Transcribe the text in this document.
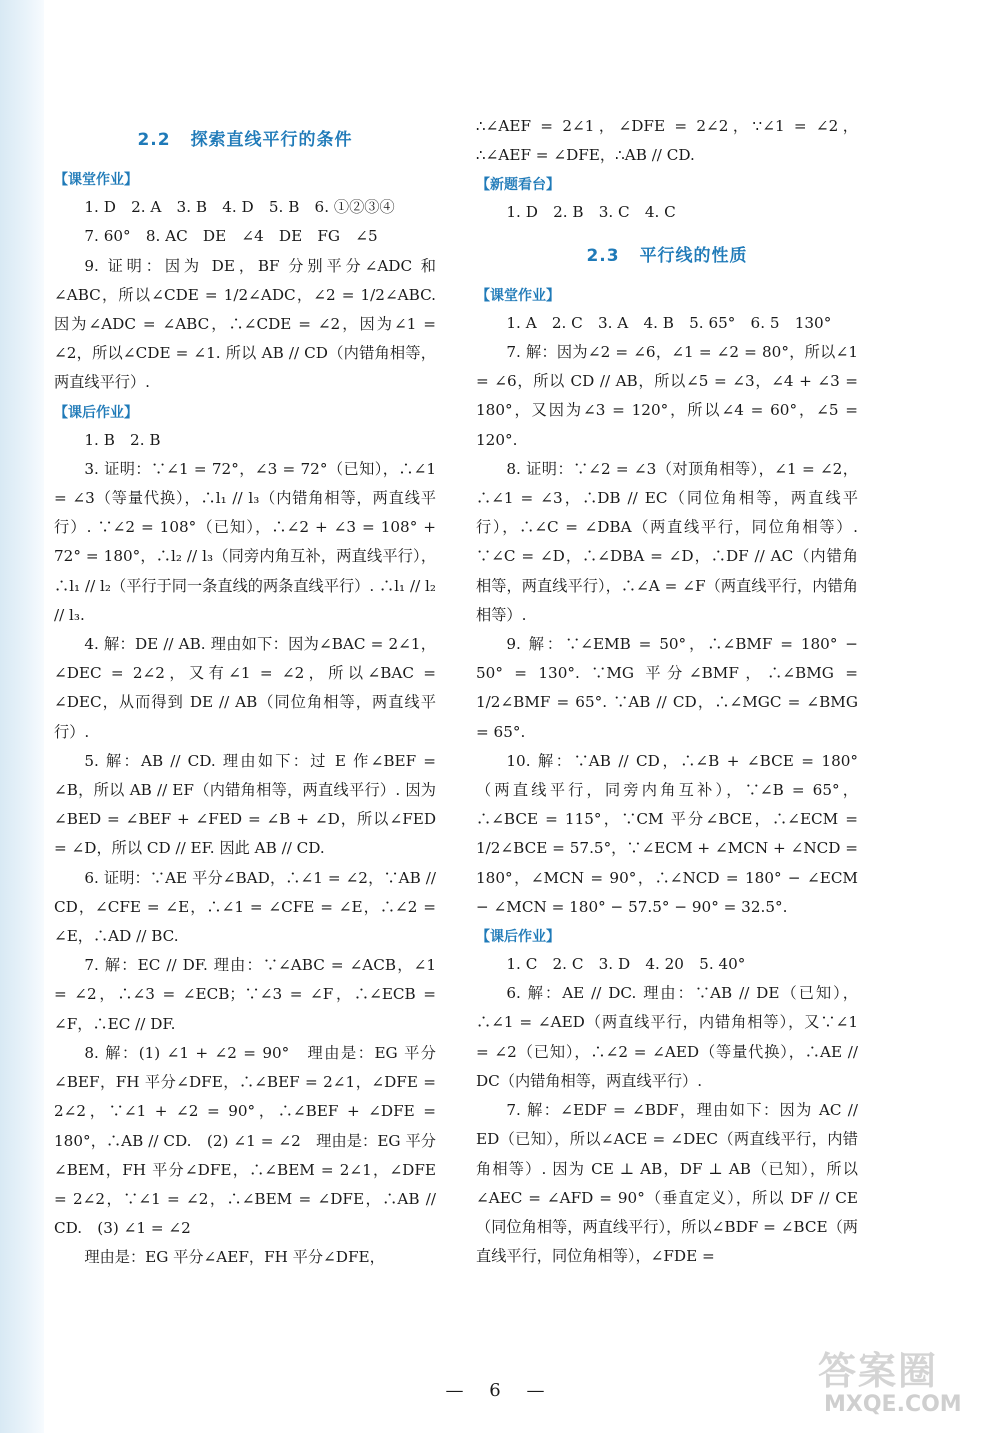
2.2 探索直线平行的条件
【课堂作业】

1. D　2. A　3. B　4. D　5. B　6. ①②③④

7. 60°　8. AC　DE　∠4　DE　FG　∠5

9. 证明：因为 DE，BF 分别平分∠ADC 和∠ABC，所以∠CDE = 1/2∠ADC，∠2 = 1/2∠ABC. 因为∠ADC = ∠ABC，∴∠CDE = ∠2，因为∠1 = ∠2，所以∠CDE = ∠1. 所以 AB // CD（内错角相等，两直线平行）.

【课后作业】

1. B　2. B

3. 证明：∵∠1 = 72°，∠3 = 72°（已知），∴∠1 = ∠3（等量代换），∴l₁ // l₃（内错角相等，两直线平行）. ∵∠2 = 108°（已知），∴∠2 + ∠3 = 108° + 72° = 180°，∴l₂ // l₃（同旁内角互补，两直线平行），∴l₁ // l₂（平行于同一条直线的两条直线平行）. ∴l₁ // l₂ // l₃.

4. 解：DE // AB. 理由如下：因为∠BAC = 2∠1，∠DEC = 2∠2，又有∠1 = ∠2，所以∠BAC = ∠DEC，从而得到 DE // AB（同位角相等，两直线平行）.

5. 解：AB // CD. 理由如下：过 E 作∠BEF = ∠B，所以 AB // EF（内错角相等，两直线平行）. 因为∠BED = ∠BEF + ∠FED = ∠B + ∠D，所以∠FED = ∠D，所以 CD // EF. 因此 AB // CD.

6. 证明：∵AE 平分∠BAD，∴∠1 = ∠2，∵AB // CD，∠CFE = ∠E，∴∠1 = ∠CFE = ∠E，∴∠2 = ∠E，∴AD // BC.

7. 解：EC // DF. 理由：∵∠ABC = ∠ACB，∠1 = ∠2，∴∠3 = ∠ECB；∵∠3 = ∠F，∴∠ECB = ∠F，∴EC // DF.

8. 解：(1) ∠1 + ∠2 = 90°　理由是：EG 平分∠BEF，FH 平分∠DFE，∴∠BEF = 2∠1，∠DFE = 2∠2，∵∠1 + ∠2 = 90°，∴∠BEF + ∠DFE = 180°，∴AB // CD.　(2) ∠1 = ∠2　理由是：EG 平分∠BEM，FH 平分∠DFE，∴∠BEM = 2∠1，∠DFE = 2∠2，∵∠1 = ∠2，∴∠BEM = ∠DFE，∴AB // CD.　(3) ∠1 = ∠2

理由是：EG 平分∠AEF，FH 平分∠DFE，

∴∠AEF = 2∠1，∠DFE = 2∠2，∵∠1 = ∠2，∴∠AEF = ∠DFE，∴AB // CD.

【新题看台】

1. D　2. B　3. C　4. C

2.3 平行线的性质
【课堂作业】

1. A　2. C　3. A　4. B　5. 65°　6. 5　130°

7. 解：因为∠2 = ∠6，∠1 = ∠2 = 80°，所以∠1 = ∠6，所以 CD // AB，所以∠5 = ∠3，∠4 + ∠3 = 180°，又因为∠3 = 120°，所以∠4 = 60°，∠5 = 120°.

8. 证明：∵∠2 = ∠3（对顶角相等），∠1 = ∠2，∴∠1 = ∠3，∴DB // EC（同位角相等，两直线平行），∴∠C = ∠DBA（两直线平行，同位角相等）. ∵∠C = ∠D，∴∠DBA = ∠D，∴DF // AC（内错角相等，两直线平行），∴∠A = ∠F（两直线平行，内错角相等）.

9. 解：∵∠EMB = 50°，∴∠BMF = 180° − 50° = 130°. ∵MG 平分∠BMF，∴∠BMG = 1/2∠BMF = 65°. ∵AB // CD，∴∠MGC = ∠BMG = 65°.

10. 解：∵AB // CD，∴∠B + ∠BCE = 180°（两直线平行，同旁内角互补），∵∠B = 65°，∴∠BCE = 115°，∵CM 平分∠BCE，∴∠ECM = 1/2∠BCE = 57.5°，∵∠ECM + ∠MCN + ∠NCD = 180°，∠MCN = 90°，∴∠NCD = 180° − ∠ECM − ∠MCN = 180° − 57.5° − 90° = 32.5°.

【课后作业】

1. C　2. C　3. D　4. 20　5. 40°

6. 解：AE // DC. 理由：∵AB // DE（已知），∴∠1 = ∠AED（两直线平行，内错角相等），又∵∠1 = ∠2（已知），∴∠2 = ∠AED（等量代换），∴AE // DC（内错角相等，两直线平行）.

7. 解：∠EDF = ∠BDF，理由如下：因为 AC // ED（已知），所以∠ACE = ∠DEC（两直线平行，内错角相等）. 因为 CE ⊥ AB，DF ⊥ AB（已知），所以∠AEC = ∠AFD = 90°（垂直定义），所以 DF // CE（同位角相等，两直线平行），所以∠BDF = ∠BCE（两直线平行，同位角相等），∠FDE =

— 6 —	答案圈
MXQE.COM
